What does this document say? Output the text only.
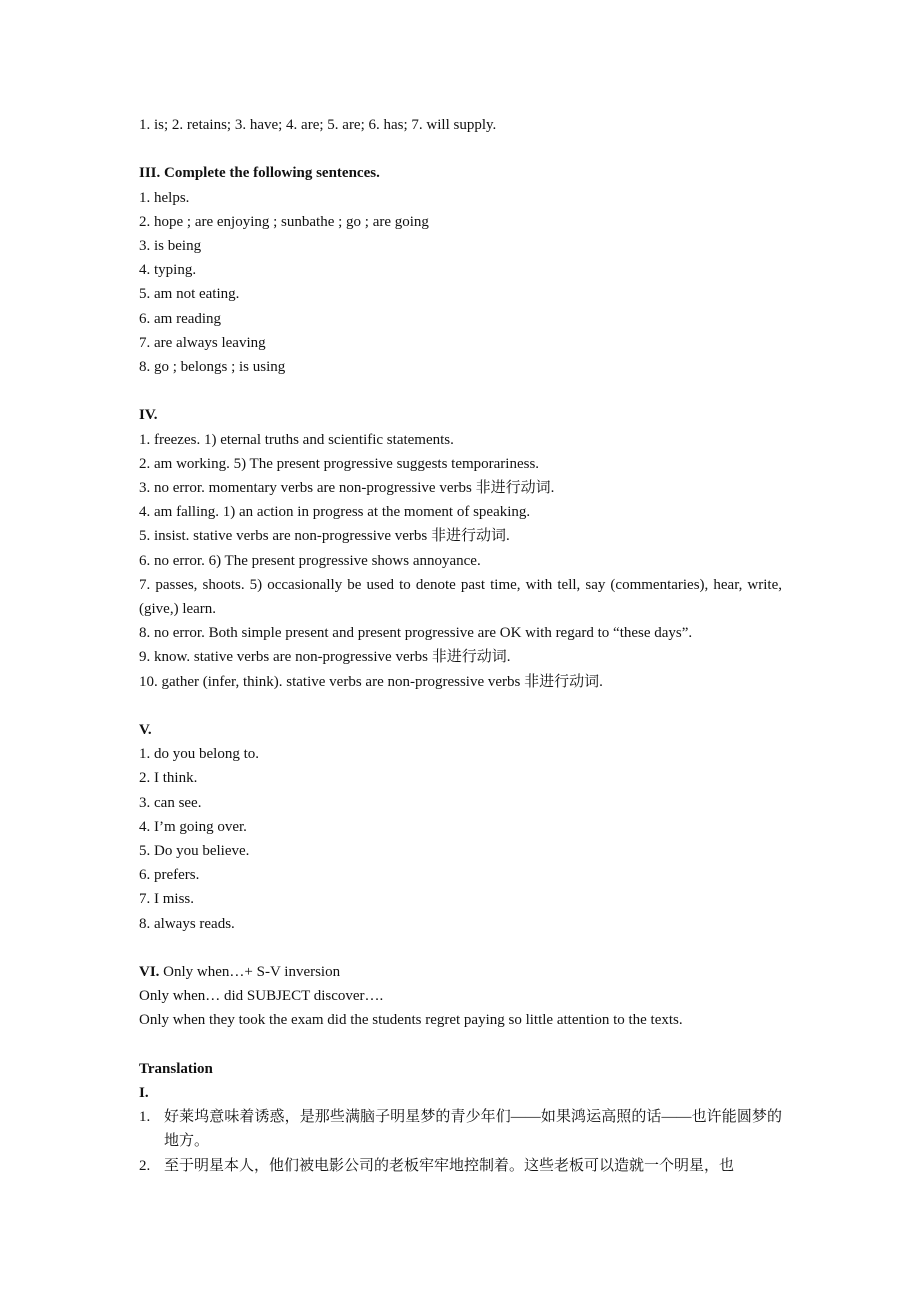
1. is; 2. retains; 3. have; 4. are; 5. are; 6. has; 7. will supply.

III. Complete the following sentences.

1. helps.

2. hope ; are enjoying ; sunbathe ; go ; are going

3. is being

4. typing.

5. am not eating.

6. am reading

7. are always leaving

8. go ; belongs ; is using

IV.

1. freezes. 1) eternal truths and scientific statements.

2. am working. 5) The present progressive suggests temporariness.

3. no error. momentary verbs are non-progressive verbs 非进行动词.

4. am falling. 1) an action in progress at the moment of speaking.

5. insist. stative verbs are non-progressive verbs 非进行动词.

6. no error. 6) The present progressive shows annoyance.

7. passes, shoots. 5) occasionally be used to denote past time, with tell, say (commentaries), hear, write, (give,) learn.

8. no error. Both simple present and present progressive are OK with regard to “these days”.

9. know. stative verbs are non-progressive verbs 非进行动词.

10. gather (infer, think). stative verbs are non-progressive verbs 非进行动词.

V.

1. do you belong to.

2. I think.

3. can see.

4. I’m going over.

5. Do you believe.

6. prefers.

7. I miss.

8. always reads.

VI. Only when…+ S-V inversion

Only when… did SUBJECT discover….

Only when they took the exam did the students regret paying so little attention to the texts.

Translation

I.

1. 好莱坞意味着诱惑，是那些满脑子明星梦的青少年们——如果鸿运高照的话——也许能圆梦的地方。
2. 至于明星本人，他们被电影公司的老板牢牢地控制着。这些老板可以造就一个明星，也
